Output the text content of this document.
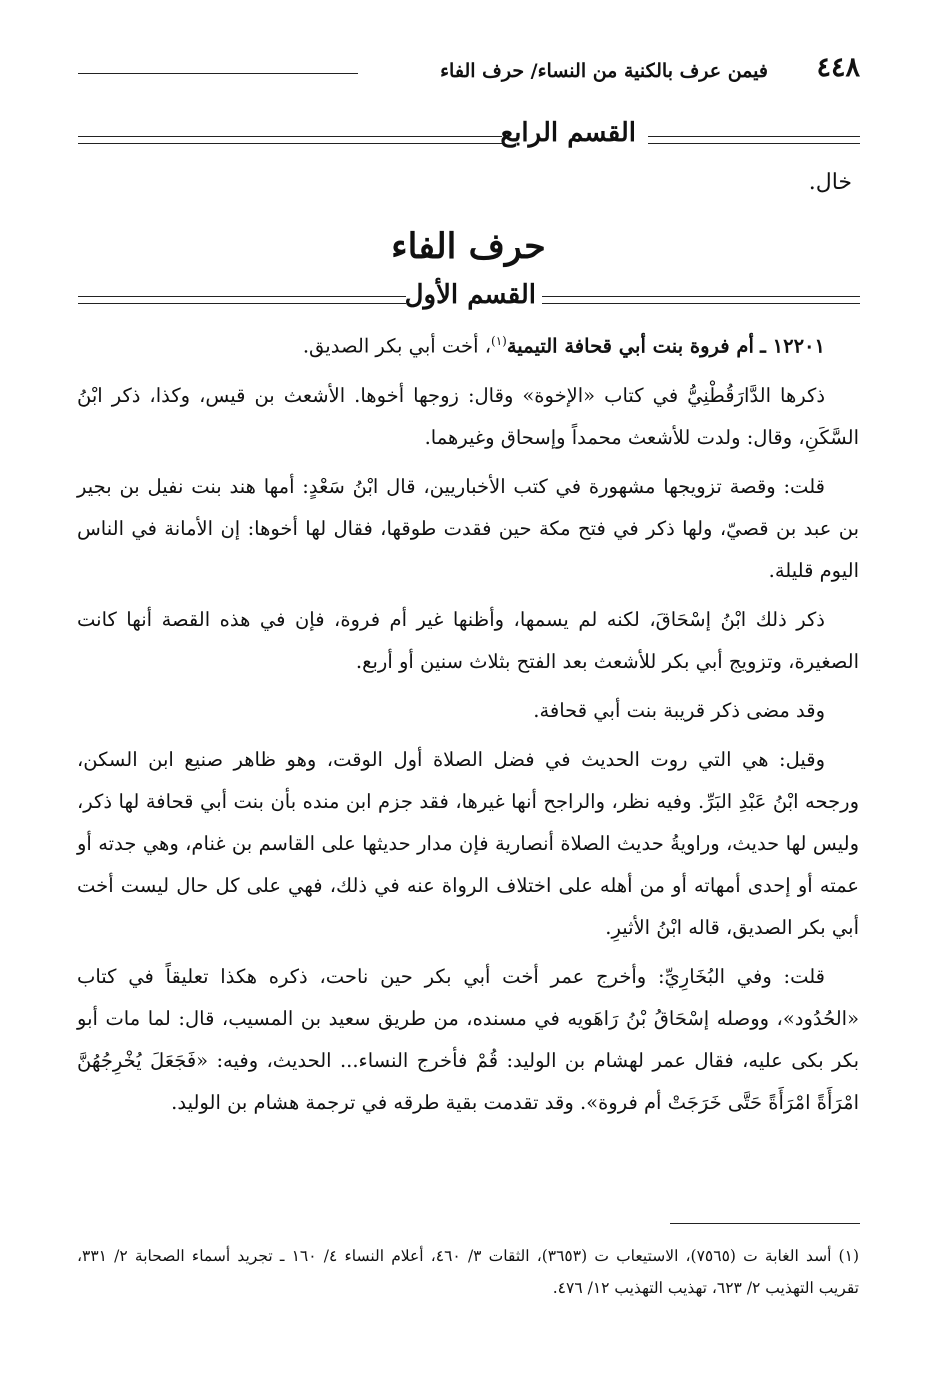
٤٤٨
فيمن عرف بالكنية من النساء/ حرف الفاء
القسم الرابع
خال.
حرف الفاء
القسم الأول

١٢٢٠١ ـ أم فروة بنت أبي قحافة التيمية$^{(١)}$، أخت أبي بكر الصديق.

ذكرها الدَّارَقُطْنِيُّ في كتاب «الإخوة» وقال: زوجها أخوها. الأشعث بن قيس، وكذا، ذكر ابْنُ السَّكَنِ، وقال: ولدت للأشعث محمداً وإسحاق وغيرهما.

قلت: وقصة تزويجها مشهورة في كتب الأخباريين، قال ابْنُ سَعْدٍ: أمها هند بنت نفيل بن بجير بن عبد بن قصيّ، ولها ذكر في فتح مكة حين فقدت طوقها، فقال لها أخوها: إن الأمانة في الناس اليوم قليلة.

ذكر ذلك ابْنُ إسْحَاقَ، لكنه لم يسمها، وأظنها غير أم فروة، فإن في هذه القصة أنها كانت الصغيرة، وتزويج أبي بكر للأشعث بعد الفتح بثلاث سنين أو أربع.

وقد مضى ذكر قريبة بنت أبي قحافة.

وقيل: هي التي روت الحديث في فضل الصلاة أول الوقت، وهو ظاهر صنيع ابن السكن، ورجحه ابْنُ عَبْدِ البَرِّ. وفيه نظر، والراجح أنها غيرها، فقد جزم ابن منده بأن بنت أبي قحافة لها ذكر، وليس لها حديث، وراويةُ حديث الصلاة أنصارية فإن مدار حديثها على القاسم بن غنام، وهي جدته أو عمته أو إحدى أمهاته أو من أهله على اختلاف الرواة عنه في ذلك، فهي على كل حال ليست أخت أبي بكر الصديق، قاله ابْنُ الأثيرِ.

قلت: وفي البُخَارِيِّ: وأخرج عمر أخت أبي بكر حين ناحت، ذكره هكذا تعليقاً في كتاب «الحُدُود»، ووصله إسْحَاقُ بْنُ رَاهَويه في مسنده، من طريق سعيد بن المسيب، قال: لما مات أبو بكر بكى عليه، فقال عمر لهشام بن الوليد: قُمْ فأخرج النساء... الحديث، وفيه: «فَجَعَلَ يُخْرِجُهُنَّ امْرَأَةً امْرَأَةً حَتَّى خَرَجَتْ أم فروة». وقد تقدمت بقية طرقه في ترجمة هشام بن الوليد.

(١) أسد الغابة ت (٧٥٦٥)، الاستيعاب ت (٣٦٥٣)، الثقات ٣/ ٤٦٠، أعلام النساء ٤/ ١٦٠ ـ تجريد أسماء الصحابة ٢/ ٣٣١، تقريب التهذيب ٢/ ٦٢٣، تهذيب التهذيب ١٢/ ٤٧٦.
